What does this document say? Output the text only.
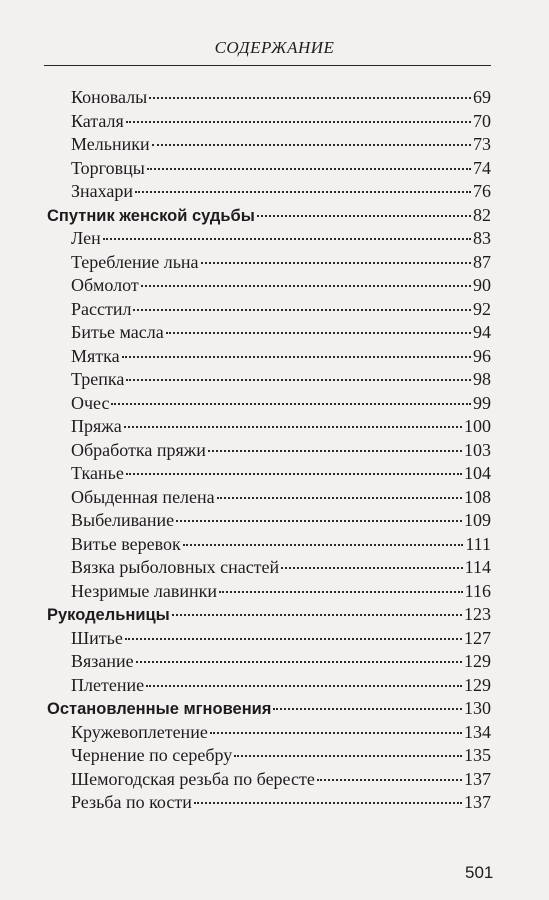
СОДЕРЖАНИЕ
Коновалы	69
Каталя	70
Мельники	73
Торговцы	74
Знахари	76
Спутник женской судьбы	82
Лен	83
Теребление льна	87
Обмолот	90
Расстил	92
Битье масла	94
Мятка	96
Трепка	98
Очес	99
Пряжа	100
Обработка пряжи	103
Тканье	104
Обыденная пелена	108
Выбеливание	109
Витье веревок	111
Вязка рыболовных снастей	114
Незримые лавинки	116
Рукодельницы	123
Шитье	127
Вязание	129
Плетение	129
Остановленные мгновения	130
Кружевоплетение	134
Чернение по серебру	135
Шемогодская резьба по бересте	137
Резьба по кости	137
501
